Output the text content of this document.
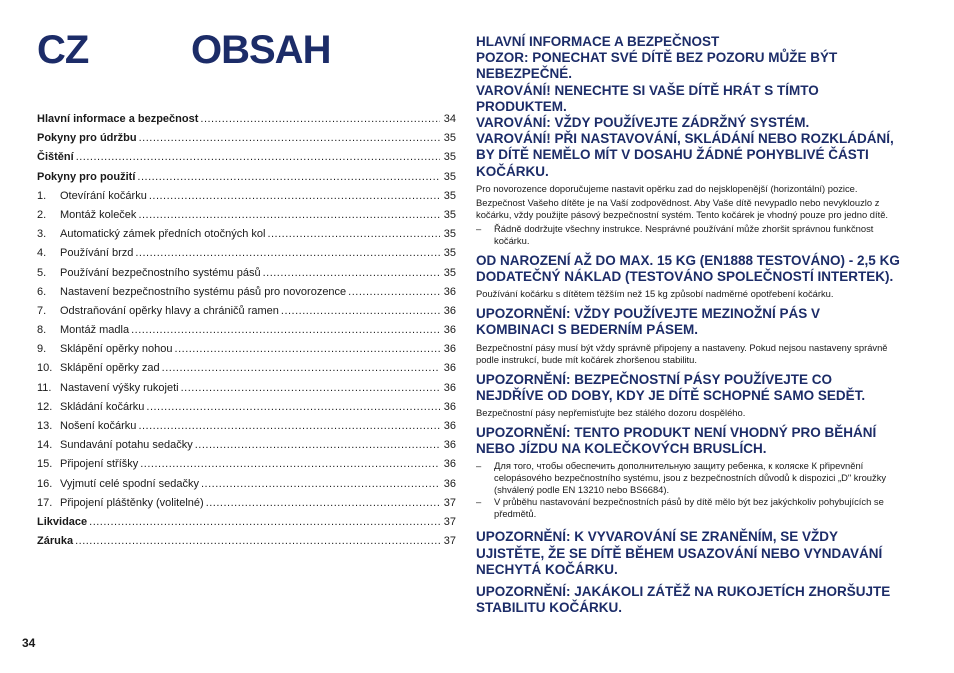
CZ	OBSAH
Hlavní informace a bezpečnost .....	34
Pokyny pro údržbu .....	35
Čištění .....	35
Pokyny pro použití .....	35
1.	Otevírání kočárku .....	35
2.	Montáž koleček .....	35
3.	Automatický zámek předních otočných kol .....	35
4.	Používání brzd .....	35
5.	Používání bezpečnostního systému pásů .....	35
6.	Nastavení bezpečnostního systému pásů pro novorozence .....	36
7.	Odstraňování opěrky hlavy a chráničů ramen .....	36
8.	Montáž madla .....	36
9.	Sklápění opěrky nohou .....	36
10. Sklápění opěrky zad .....	36
11. Nastavení výšky rukojeti .....	36
12. Skládání kočárku .....	36
13. Nošení kočárku .....	36
14. Sundavání potahu sedačky .....	36
15. Připojení stříšky .....	36
16. Vyjmutí celé spodní sedačky .....	36
17. Připojení pláštěnky (volitelné) .....	37
Likvidace .....	37
Záruka .....	37
34

HLAVNÍ INFORMACE A BEZPEČNOST

POZOR: PONECHAT SVÉ DÍTĚ BEZ POZORU MŮŽE BÝT NEBEZPEČNÉ.

VAROVÁNÍ! NENECHTE SI VAŠE DÍTĚ HRÁT S TÍMTO PRODUKTEM.

VAROVÁNÍ: VŽDY POUŽÍVEJTE ZÁDRŽNÝ SYSTÉM.

VAROVÁNÍ! PŘI NASTAVOVÁNÍ, SKLÁDÁNÍ NEBO ROZKLÁDÁNÍ, BY DÍTĚ NEMĚLO MÍT V DOSAHU ŽÁDNÉ POHYBLIVÉ ČÁSTI KOČÁRKU.

Pro novorozence doporučujeme nastavit opěrku zad do nejsklopenější (horizontální) pozice.

Bezpečnost Vašeho dítěte je na Vaší zodpovědnost. Aby Vaše dítě nevypadlo nebo nevyklouzlo z kočárku, vždy použijte pásový bezpečnostní systém. Tento kočárek je vhodný pouze pro jedno dítě.

–	Řádně dodržujte všechny instrukce. Nesprávné používání může zhoršit správnou funkčnost kočárku.

OD NAROZENÍ AŽ DO MAX. 15 KG (EN1888 TESTOVÁNO) - 2,5 KG DODATEČNÝ NÁKLAD (TESTOVÁNO SPOLEČNOSTÍ INTERTEK).

Používání kočárku s dítětem těžším než 15 kg způsobí nadměrné opotřebení kočárku.

UPOZORNĚNÍ: VŽDY POUŽÍVEJTE MEZINOŽNÍ PÁS V KOMBINACI S BEDERNÍM PÁSEM.

Bezpečnostní pásy musí být vždy správně připojeny a nastaveny. Pokud nejsou nastaveny správně podle instrukcí, bude mít kočárek zhoršenou stabilitu.

UPOZORNĚNÍ: BEZPEČNOSTNÍ PÁSY POUŽÍVEJTE CO NEJDŘÍVE OD DOBY, KDY JE DÍTĚ SCHOPNÉ SAMO SEDĚT.

Bezpečnostní pásy nepřemisťujte bez stálého dozoru dospělého.

UPOZORNĚNÍ: TENTO PRODUKT NENÍ VHODNÝ PRO BĚHÁNÍ NEBO JÍZDU NA KOLEČKOVÝCH BRUSLÍCH.

–	Для того, чтобы обеспечить дополнительную защиту ребенка, к коляске К připevnění celopásového bezpečnostního systému, jsou z bezpečnostních důvodů k dispozici „D" kroužky (shválený podle EN 13210 nebo BS6684).
–	V průběhu nastavování bezpečnostních pásů by dítě mělo být bez jakýchkoliv pohybujících se předmětů.

UPOZORNĚNÍ: K VYVAROVÁNÍ SE ZRANĚNÍM, SE VŽDY UJISTĚTE, ŽE SE DÍTĚ BĚHEM USAZOVÁNÍ NEBO VYNDAVÁNÍ NECHYTÁ KOČÁRKU.

UPOZORNĚNÍ: JAKÁKOLI ZÁTĚŽ NA RUKOJETÍCH ZHORŠUJTE STABILITU KOČÁRKU.
